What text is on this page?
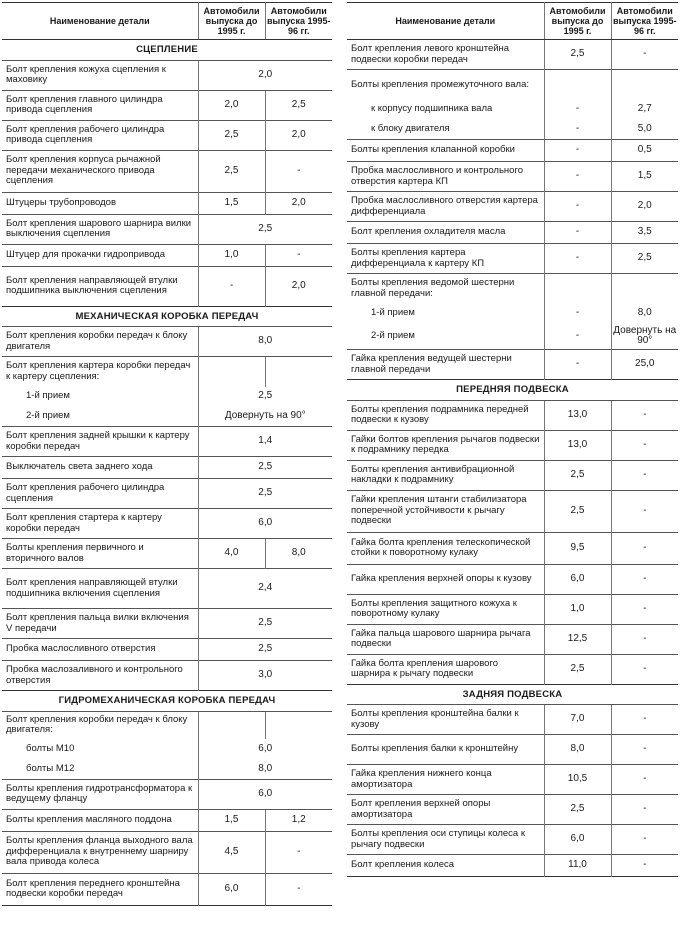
Наименование детали	Автомобили выпуска до 1995 г.	Автомобили выпуска 1995-96 гг.
СЦЕПЛЕНИЕ		
Болт крепления кожуха сцепления к маховику	2,0	
Болт крепления главного цилиндра привода сцепления	2,0	2,5
Болт крепления рабочего цилиндра привода сцепления	2,5	2,0
Болт крепления корпуса рычажной передачи механического привода сцепления	2,5	-
Штуцеры трубопроводов	1,5	2,0
Болт крепления шарового шарнира вилки выключения сцепления	2,5	
Штуцер для прокачки гидропривода	1,0	-
Болт крепления направляющей втулки подшипника выключения сцепления	-	2,0
МЕХАНИЧЕСКАЯ КОРОБКА ПЕРЕДАЧ		
Болт крепления коробки передач к блоку двигателя	8,0	
Болт крепления картера коробки передач к картеру сцепления:		
1-й прием	2,5	
2-й прием	Довернуть на 90°	
Болт крепления задней крышки к картеру коробки передач	1,4	
Выключатель света заднего хода	2,5	
Болт крепления рабочего цилиндра сцепления	2,5	
Болт крепления стартера к картеру коробки передач	6,0	
Болты крепления первичного и вторичного валов	4,0	8,0
Болт крепления направляющей втулки подшипника включения сцепления	2,4	
Болт крепления пальца вилки включения V передачи	2,5	
Пробка маслосливного отверстия	2,5	
Пробка маслозаливного и контрольного отверстия	3,0	
ГИДРОМЕХАНИЧЕСКАЯ КОРОБКА ПЕРЕДАЧ		
Болт крепления коробки передач к блоку двигателя:		
болты М10	6,0	
болты М12	8,0	
Болты крепления гидротрансформатора к ведущему фланцу	6,0	
Болты крепления масляного поддона	1,5	1,2
Болты крепления фланца выходного вала дифференциала к внутреннему шарниру вала привода колеса	4,5	-
Болт крепления переднего кронштейна подвески коробки передач	6,0	-
Наименование детали	Автомобили выпуска до 1995 г.	Автомобили выпуска 1995-96 гг.
Болт крепления левого кронштейна подвески коробки передач	2,5	-
Болты крепления промежуточного вала:		
к корпусу подшипника вала	-	2,7
к блоку двигателя	-	5,0
Болты крепления клапанной коробки	-	0,5
Пробка маслосливного и контрольного отверстия картера КП	-	1,5
Пробка маслосливного отверстия картера дифференциала	-	2,0
Болт крепления охладителя масла	-	3,5
Болты крепления картера дифференциала к картеру КП	-	2,5
Болты крепления ведомой шестерни главной передачи:		
1-й прием	-	8,0
2-й прием	-	Довернуть на 90°
Гайка крепления ведущей шестерни главной передачи	-	25,0
ПЕРЕДНЯЯ ПОДВЕСКА		
Болты крепления подрамника передней подвески к кузову	13,0	-
Гайки болтов крепления рычагов подвески к подрамнику передка	13,0	-
Болты крепления антивибрационной накладки к подрамнику	2,5	-
Гайки крепления штанги стабилизатора поперечной устойчивости к рычагу подвески	2,5	-
Гайка болта крепления телескопической стойки к поворотному кулаку	9,5	-
Гайка крепления верхней опоры к кузову	6,0	-
Болты крепления защитного кожуха к поворотному кулаку	1,0	-
Гайка пальца шарового шарнира рычага подвески	12,5	-
Гайка болта крепления шарового шарнира к рычагу подвески	2,5	-
ЗАДНЯЯ ПОДВЕСКА		
Болты крепления кронштейна балки к кузову	7,0	-
Болты крепления балки к кронштейну	8,0	-
Гайка крепления нижнего конца амортизатора	10,5	-
Болт крепления верхней опоры амортизатора	2,5	-
Болты крепления оси ступицы колеса к рычагу подвески	6,0	-
Болт крепления колеса	11,0	-
